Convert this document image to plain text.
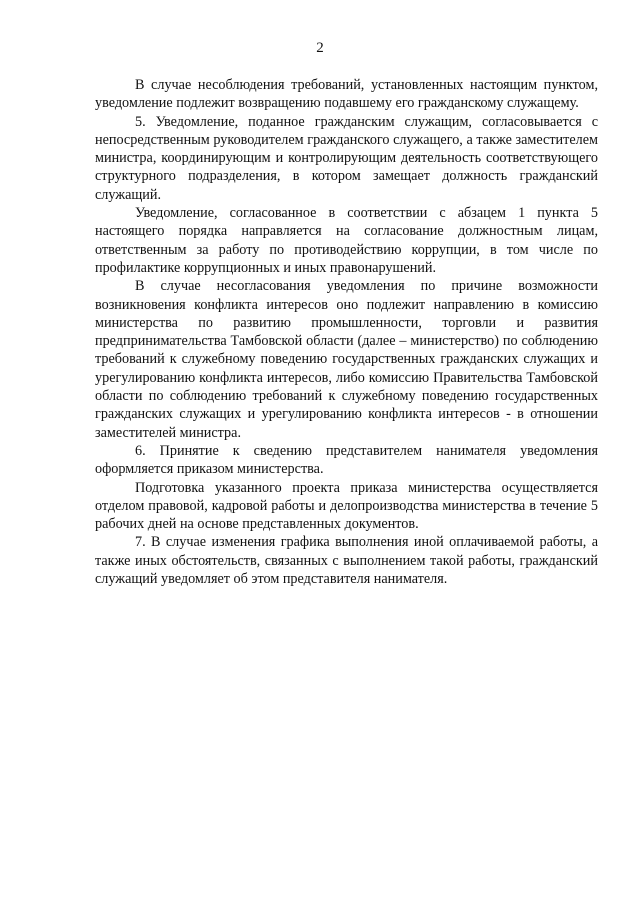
2

В случае несоблюдения требований, установленных настоящим пунктом, уведомление подлежит возвращению подавшему его гражданскому служащему.

5. Уведомление, поданное гражданским служащим, согласовывается с непосредственным руководителем гражданского служащего, а также заместителем министра, координирующим и контролирующим деятельность соответствующего структурного подразделения, в котором замещает должность гражданский служащий.

Уведомление, согласованное в соответствии с абзацем 1 пункта 5 настоящего порядка направляется на согласование должностным лицам, ответственным за работу по противодействию коррупции, в том числе по профилактике коррупционных и иных правонарушений.

В случае несогласования уведомления по причине возможности возникновения конфликта интересов оно подлежит направлению в комиссию министерства по развитию промышленности, торговли и развития предпринимательства Тамбовской области (далее – министерство) по соблюдению требований к служебному поведению государственных гражданских служащих и урегулированию конфликта интересов, либо комиссию Правительства Тамбовской области по соблюдению требований к служебному поведению государственных гражданских служащих и урегулированию конфликта интересов - в отношении заместителей министра.

6. Принятие к сведению представителем нанимателя уведомления оформляется приказом министерства.

Подготовка указанного проекта приказа министерства осуществляется отделом правовой, кадровой работы и делопроизводства министерства в течение 5 рабочих дней на основе представленных документов.

7. В случае изменения графика выполнения иной оплачиваемой работы, а также иных обстоятельств, связанных с выполнением такой работы, гражданский служащий уведомляет об этом представителя нанимателя.
